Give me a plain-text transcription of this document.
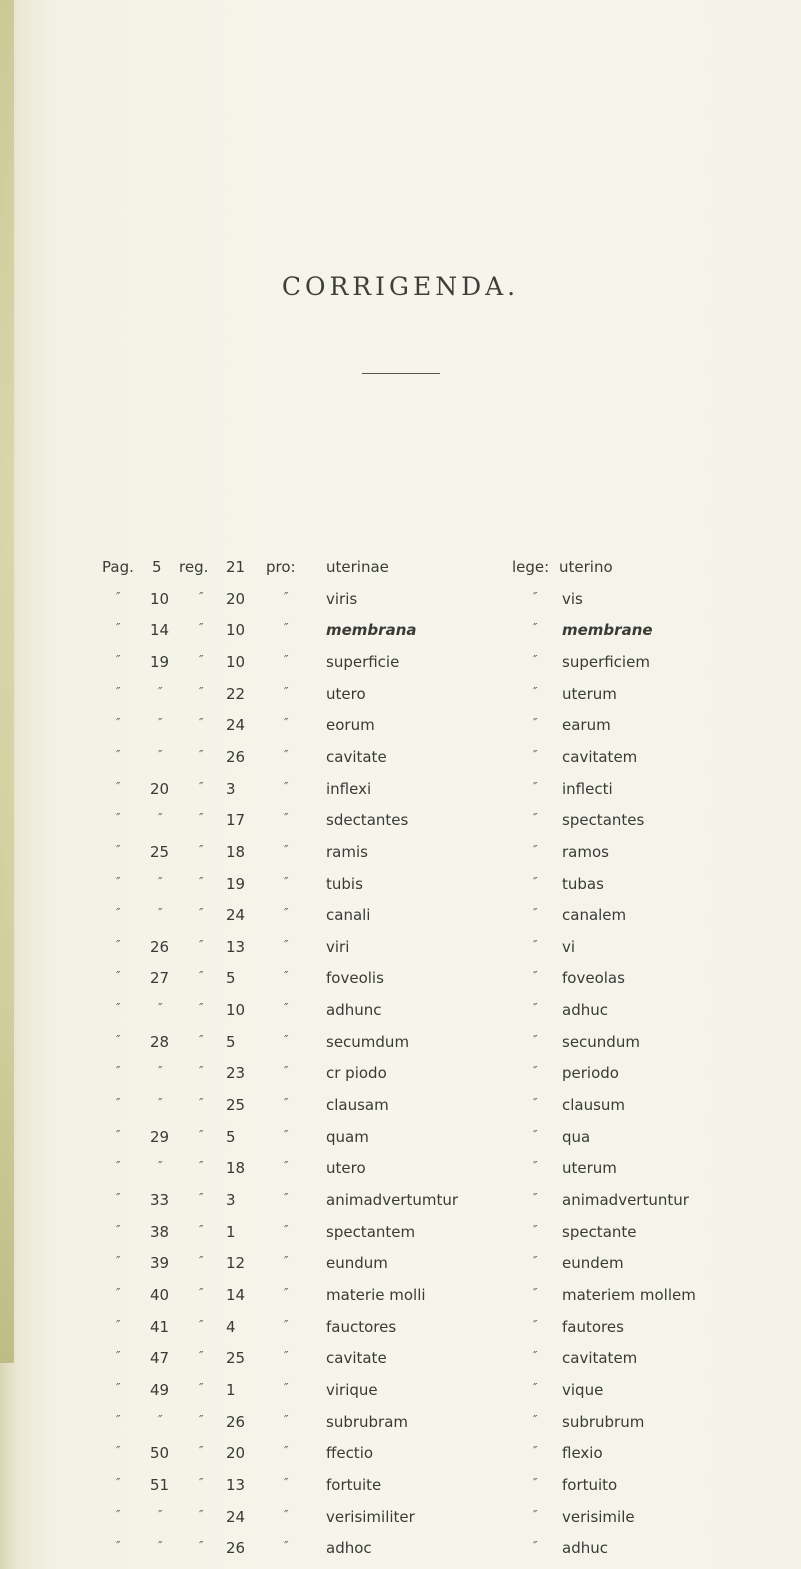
CORRIGENDA.
Pag. 5 reg. 21 pro: uterinae	lege: uterino
″ 10 ″ 20	″	viris	″ vis
″ 14 ″ 10	″	membrana	″ membrane
″ 19 ″ 10	″	superficie	″ superficiem
″	″	″ 22	″	utero	″ uterum
″	″	″ 24	″	eorum	″ earum
″	″	″ 26	″	cavitate	″ cavitatem
″ 20 ″ 3	″	inflexi	″ inflecti
″	″	″ 17	″	sdectantes	″ spectantes
″ 25 ″ 18	″	ramis	″ ramos
″	″	″ 19	″	tubis	″ tubas
″	″	″ 24	″	canali	″ canalem
″ 26 ″ 13	″	viri	″ vi
″ 27 ″ 5	″	foveolis	″ foveolas
″	″	″ 10	″	adhunc	″ adhuc
″ 28 ″ 5	″	secumdum	″ secundum
″	″	″ 23	″	cr piodo	″ periodo
″	″	″ 25	″	clausam	″ clausum
″ 29 ″ 5	″	quam	″ qua
″	″	″ 18	″	utero	″ uterum
″ 33 ″ 3	″	animadvertumtur	″ animadvertuntur
″ 38 ″ 1	″	spectantem	″ spectante
″ 39 ″ 12	″	eundum	″ eundem
″ 40 ″ 14	″	materie molli	″ materiem mollem
″ 41 ″ 4	″	fauctores	″ fautores
″ 47 ″ 25	″	cavitate	″ cavitatem
″ 49 ″ 1	″	virique	″ vique
″	″	″ 26	″	subrubram	″ subrubrum
″ 50 ″ 20	″	ffectio	″ flexio
″ 51 ″ 13	″	fortuite	″ fortuito
″	″	″ 24	″	verisimiliter	″ verisimile
″	″	″ 26	″	adhoc	″ adhuc
